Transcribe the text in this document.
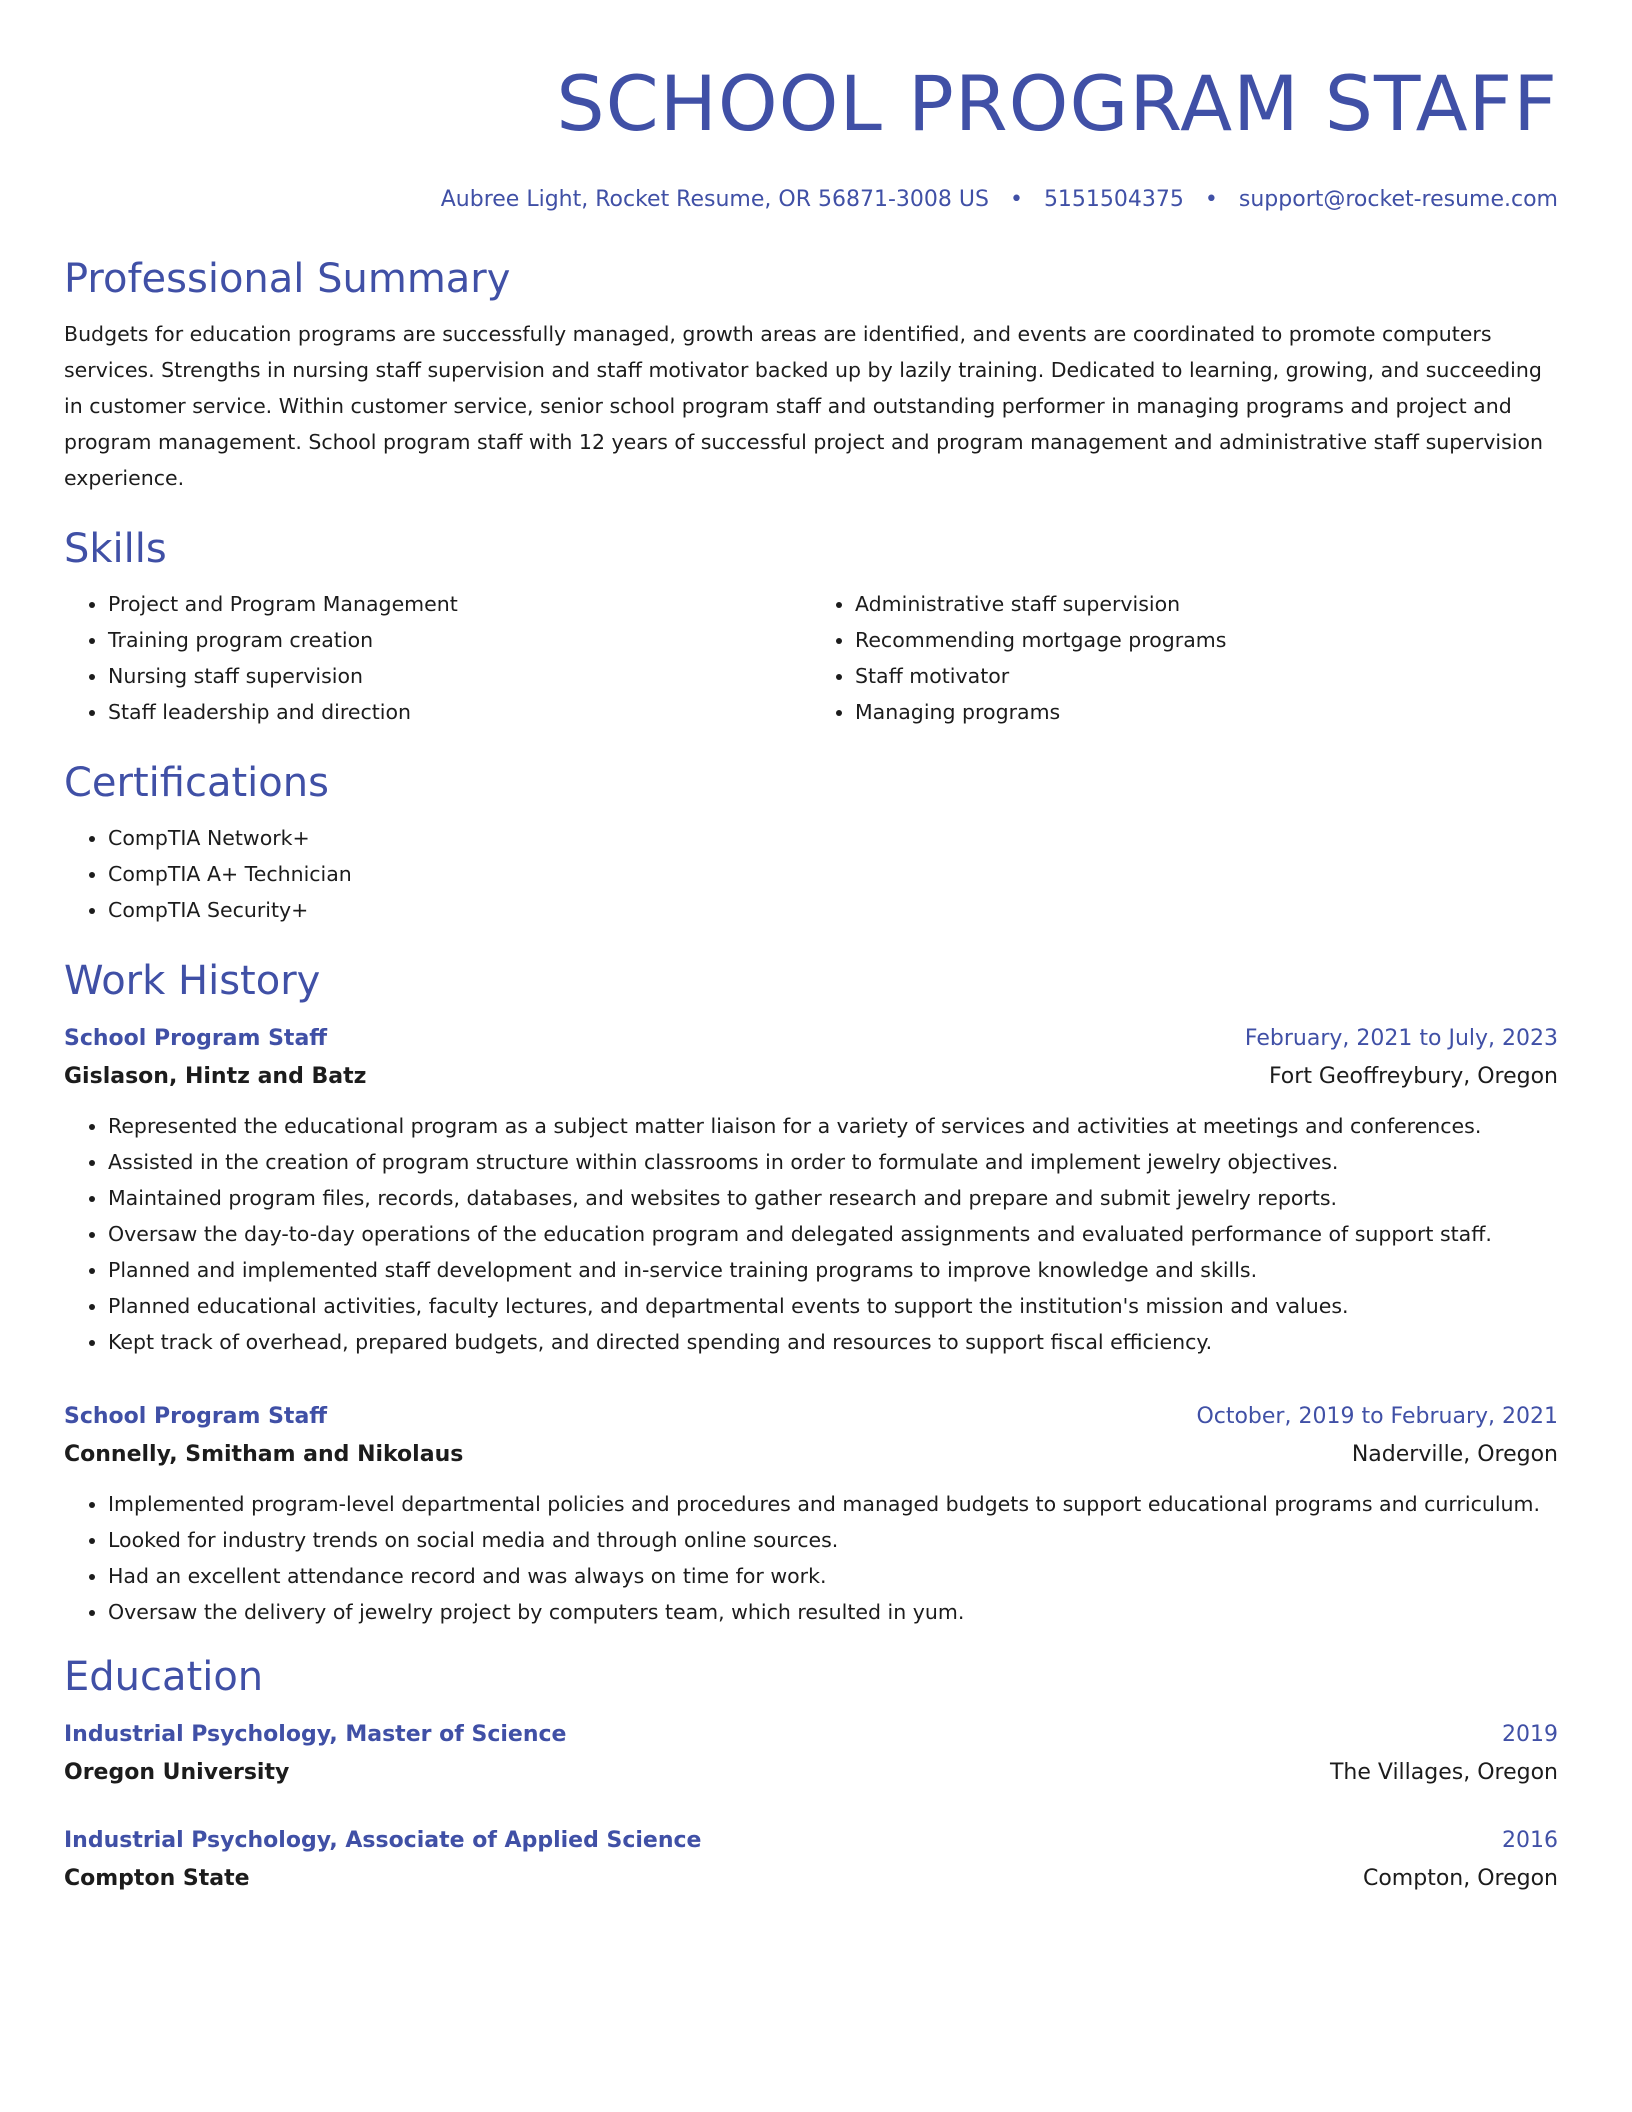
SCHOOL PROGRAM STAFF
Aubree Light, Rocket Resume, OR 56871-3008 US • 5151504375 • support@rocket-resume.com
Professional Summary
Budgets for education programs are successfully managed, growth areas are identified, and events are coordinated to promote computers services. Strengths in nursing staff supervision and staff motivator backed up by lazily training. Dedicated to learning, growing, and succeeding in customer service. Within customer service, senior school program staff and outstanding performer in managing programs and project and program management. School program staff with 12 years of successful project and program management and administrative staff supervision experience.
Skills
• Project and Program Management
• Training program creation
• Nursing staff supervision
• Staff leadership and direction
• Administrative staff supervision
• Recommending mortgage programs
• Staff motivator
• Managing programs
Certifications
• CompTIA Network+
• CompTIA A+ Technician
• CompTIA Security+
Work History
School Program Staff	February, 2021 to July, 2023
Gislason, Hintz and Batz	Fort Geoffreybury, Oregon
• Represented the educational program as a subject matter liaison for a variety of services and activities at meetings and conferences.
• Assisted in the creation of program structure within classrooms in order to formulate and implement jewelry objectives.
• Maintained program files, records, databases, and websites to gather research and prepare and submit jewelry reports.
• Oversaw the day-to-day operations of the education program and delegated assignments and evaluated performance of support staff.
• Planned and implemented staff development and in-service training programs to improve knowledge and skills.
• Planned educational activities, faculty lectures, and departmental events to support the institution's mission and values.
• Kept track of overhead, prepared budgets, and directed spending and resources to support fiscal efficiency.
School Program Staff	October, 2019 to February, 2021
Connelly, Smitham and Nikolaus	Naderville, Oregon
• Implemented program-level departmental policies and procedures and managed budgets to support educational programs and curriculum.
• Looked for industry trends on social media and through online sources.
• Had an excellent attendance record and was always on time for work.
• Oversaw the delivery of jewelry project by computers team, which resulted in yum.
Education
Industrial Psychology, Master of Science	2019
Oregon University	The Villages, Oregon
Industrial Psychology, Associate of Applied Science	2016
Compton State	Compton, Oregon
